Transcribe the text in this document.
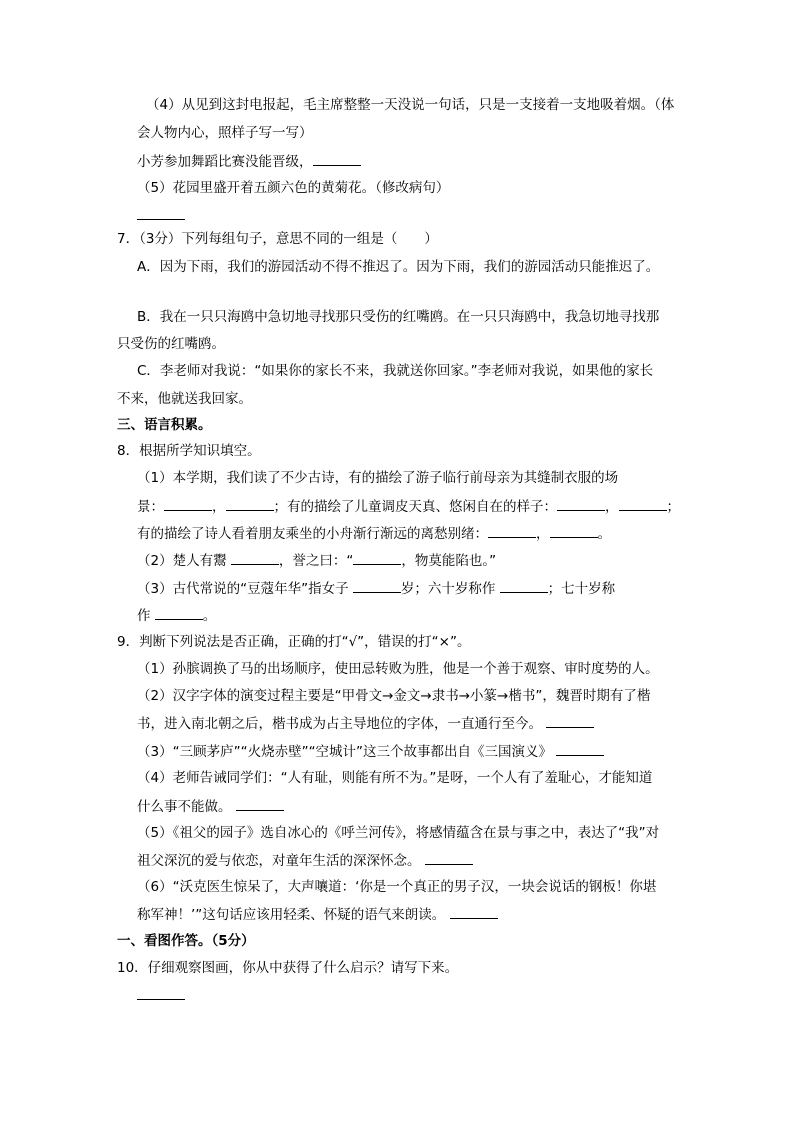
（4）从见到这封电报起，毛主席整整一天没说一句话，只是一支接着一支地吸着烟。（体
会人物内心，照样子写一写）
小芳参加舞蹈比赛没能晋级，
（5）花园里盛开着五颜六色的黄菊花。（修改病句）
7．（3分）下列每组句子，意思不同的一组是（　　）
A．因为下雨，我们的游园活动不得不推迟了。因为下雨，我们的游园活动只能推迟了。
B．我在一只只海鸥中急切地寻找那只受伤的红嘴鸥。在一只只海鸥中，我急切地寻找那
只受伤的红嘴鸥。
C．李老师对我说：“如果你的家长不来，我就送你回家。”李老师对我说，如果他的家长
不来，他就送我回家。
三、语言积累。
8．根据所学知识填空。
（1）本学期，我们读了不少古诗，有的描绘了游子临行前母亲为其缝制衣服的场
景：	，	；有的描绘了儿童调皮天真、悠闲自在的样子：	，	；
有的描绘了诗人看着朋友乘坐的小舟渐行渐远的离愁别绪：	，	。
（2）楚人有鬻	，誉之曰：“	，物莫能陷也。”
（3）古代常说的“豆蔻年华”指女子	岁；六十岁称作	；七十岁称
作	。
9．判断下列说法是否正确，正确的打“√”，错误的打“×”。
（1）孙膑调换了马的出场顺序，使田忌转败为胜，他是一个善于观察、审时度势的人。
（2）汉字字体的演变过程主要是“甲骨文→金文→隶书→小篆→楷书”，魏晋时期有了楷
书，进入南北朝之后，楷书成为占主导地位的字体，一直通行至今。
（3）“三顾茅庐”“火烧赤壁”“空城计”这三个故事都出自《三国演义》
（4）老师告诫同学们：“人有耻，则能有所不为。”是呀，一个人有了羞耻心，才能知道
什么事不能做。
（5）《祖父的园子》选自冰心的《呼兰河传》，将感情蕴含在景与事之中，表达了“我”对
祖父深沉的爱与依恋，对童年生活的深深怀念。
（6）“沃克医生惊呆了，大声嚷道：‘你是一个真正的男子汉，一块会说话的钢板！你堪
称军神！’”这句话应该用轻柔、怀疑的语气来朗读。
一、看图作答。（5分）
10．仔细观察图画，你从中获得了什么启示？请写下来。
